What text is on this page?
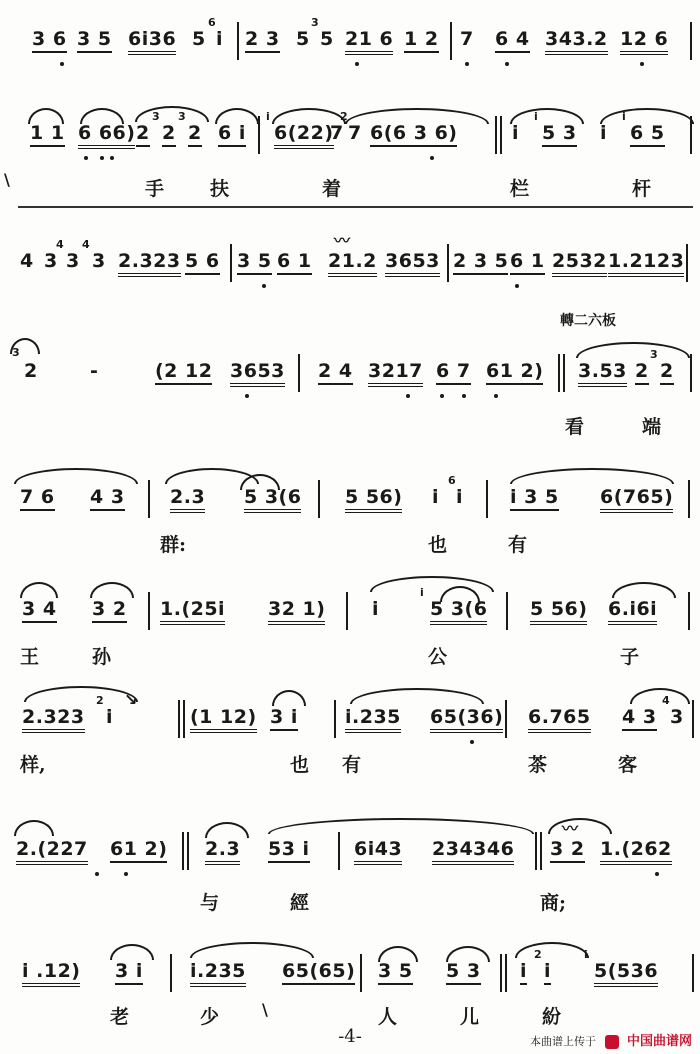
3 6 3 5 6i36 5
6
i 2 3 5
3
5 21 6 1 2 7 6 4 343.2 12 6
1 1 6 66) 2
3
2
3
2 6 i
i
6(22)
2
7 7 6(6 3 6)	i
i
5 3 i
i
6 5
\	手 扶	着	栏	杆
4 3
4
3
4
3 2.323 5 6 3 5 6 1
〰
21.2 3653 2 3 5 6 1 2532 1.2123
轉二六板
3
2	-	(2 12 3653 2 4 3217 6 7 61 2) 3.53 2
3
2
看	端
7 6 4 3 2.3 5 3(6 5 56) i
6
i i 3 5 6(765)
群:	也	有
3 4 3 2 1.(25i 32 1) i
i
5 3(6 5 56) 6.i6i
王	孙	公	子
2.323
2
i
↘
(1 12) 3 i i.235 65(36) 6.765 4 3
4
3
样,	也 有	茶	客
2.(227 61 2) 2.3 53 i 6i43 234346
〰
3 2 1.(262
与	經	商;
i .12) 3 i i.235 65(65) 3 5 5 3 i
2
i
i
5(536
老	少	人	儿	紛
\
-4-	本曲谱上传于 中国曲谱网
